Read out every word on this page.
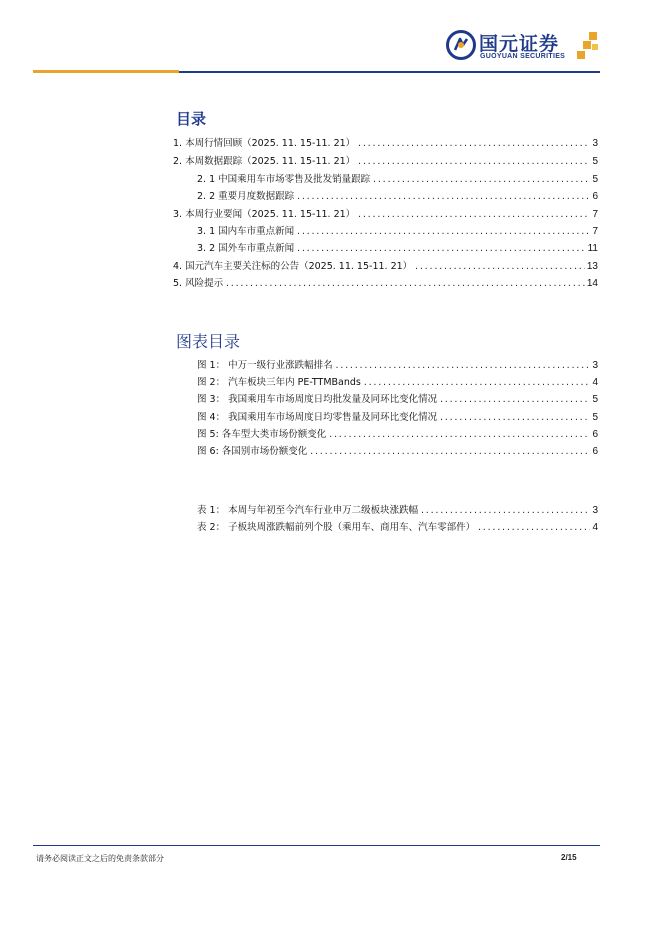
国元证券
GUOYUAN SECURITIES
目录
1. 本周行情回顾（2025. 11. 15-11. 21） .....	3
2. 本周数据跟踪（2025. 11. 15-11. 21） .....	5
2. 1 中国乘用车市场零售及批发销量跟踪 .....	5
2. 2 重要月度数据跟踪 .....	6
3. 本周行业要闻（2025. 11. 15-11. 21） .....	7
3. 1 国内车市重点新闻 .....	7
3. 2 国外车市重点新闻 .....	11
4. 国元汽车主要关注标的公告（2025. 11. 15-11. 21） .....	13
5. 风险提示 .....	14
图表目录
图 1： 中万一级行业涨跌幅排名 .....	3
图 2： 汽车板块三年内 PE-TTMBands .....	4
图 3： 我国乘用车市场周度日均批发量及同环比变化情况 .....	5
图 4： 我国乘用车市场周度日均零售量及同环比变化情况 .....	5
图 5: 各车型大类市场份额变化 .....	6
图 6: 各国别市场份额变化 .....	6
表 1： 本周与年初至今汽车行业申万二级板块涨跌幅 .....	3
表 2： 子板块周涨跌幅前列个股（乘用车、商用车、汽车零部件） .....	4
请务必阅读正文之后的免责条款部分	2/15
